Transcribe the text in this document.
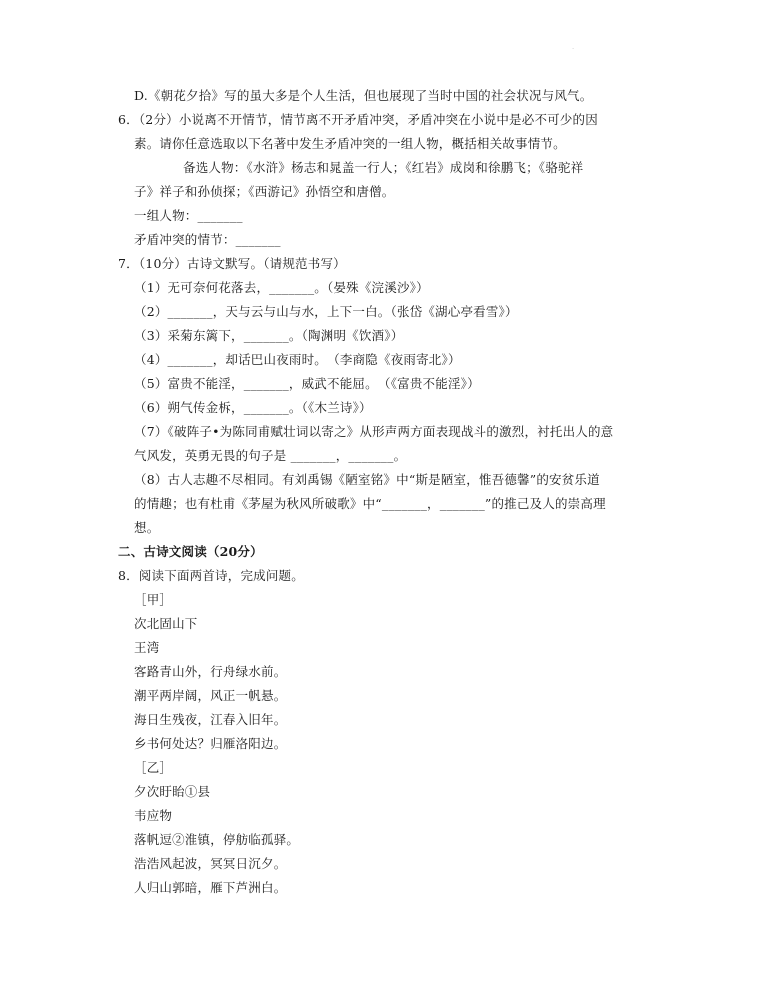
.
D.《朝花夕拾》写的虽大多是个人生活，但也展现了当时中国的社会状况与风气。
6．（2分）小说离不开情节，情节离不开矛盾冲突，矛盾冲突在小说中是必不可少的因
素。请你任意选取以下名著中发生矛盾冲突的一组人物，概括相关故事情节。
备选人物：《水浒》杨志和晁盖一行人；《红岩》成岗和徐鹏飞；《骆驼祥
子》祥子和孙侦探；《西游记》孙悟空和唐僧。
一组人物：_______
矛盾冲突的情节：_______
7．（10分）古诗文默写。（请规范书写）
（1）无可奈何花落去，_______。（晏殊《浣溪沙》）
（2）_______，天与云与山与水，上下一白。（张岱《湖心亭看雪》）
（3）采菊东篱下，_______。（陶渊明《饮酒》）
（4）_______，却话巴山夜雨时。　（李商隐《夜雨寄北》）
（5）富贵不能淫，_______，威武不能屈。　（《富贵不能淫》）
（6）朔气传金柝，_______。（《木兰诗》）
（7）《破阵子•为陈同甫赋壮词以寄之》从形声两方面表现战斗的激烈，衬托出人的意
气风发，英勇无畏的句子是 _______，_______。
（8）古人志趣不尽相同。有刘禹锡《陋室铭》中“斯是陋室，惟吾德馨”的安贫乐道
的情趣；也有杜甫《茅屋为秋风所破歌》中“_______，_______”的推己及人的崇高理
想。
二、古诗文阅读（20分）
8．阅读下面两首诗，完成问题。
［甲］
次北固山下
王湾
客路青山外，行舟绿水前。
潮平两岸阔，风正一帆悬。
海日生残夜，江春入旧年。
乡书何处达？归雁洛阳边。
［乙］
夕次盱眙①县
韦应物
落帆逗②淮镇，停舫临孤驿。
浩浩风起波，冥冥日沉夕。
人归山郭暗，雁下芦洲白。
